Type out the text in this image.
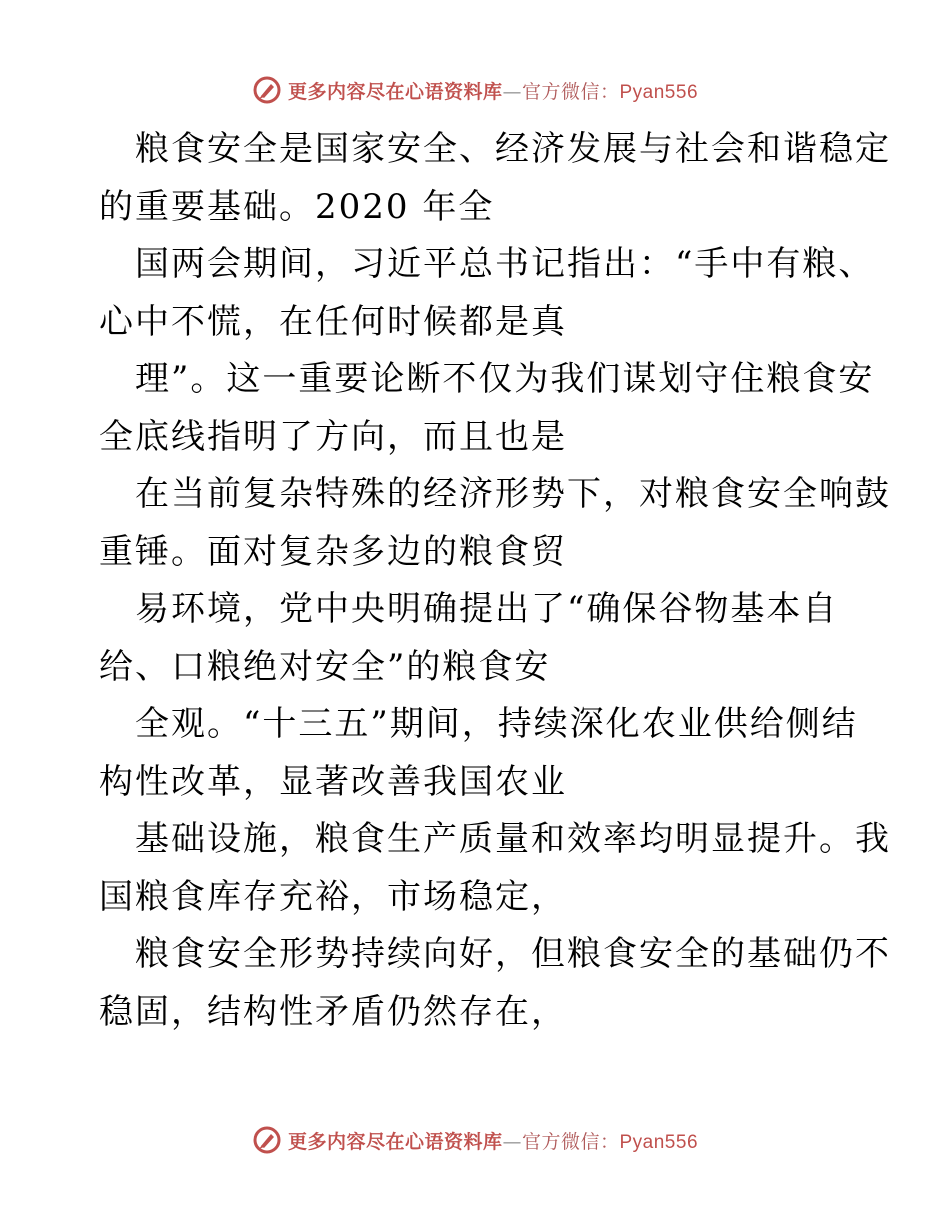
更多内容尽在心语资料库—官方微信：Pyan556
粮食安全是国家安全、经济发展与社会和谐稳定
的重要基础。2020 年全
国两会期间，习近平总书记指出：“手中有粮、
心中不慌，在任何时候都是真
理”。这一重要论断不仅为我们谋划守住粮食安
全底线指明了方向，而且也是
在当前复杂特殊的经济形势下，对粮食安全响鼓
重锤。面对复杂多边的粮食贸
易环境，党中央明确提出了“确保谷物基本自
给、口粮绝对安全”的粮食安
全观。“十三五”期间，持续深化农业供给侧结
构性改革，显著改善我国农业
基础设施，粮食生产质量和效率均明显提升。我
国粮食库存充裕，市场稳定，
粮食安全形势持续向好，但粮食安全的基础仍不
稳固，结构性矛盾仍然存在，
更多内容尽在心语资料库—官方微信：Pyan556
